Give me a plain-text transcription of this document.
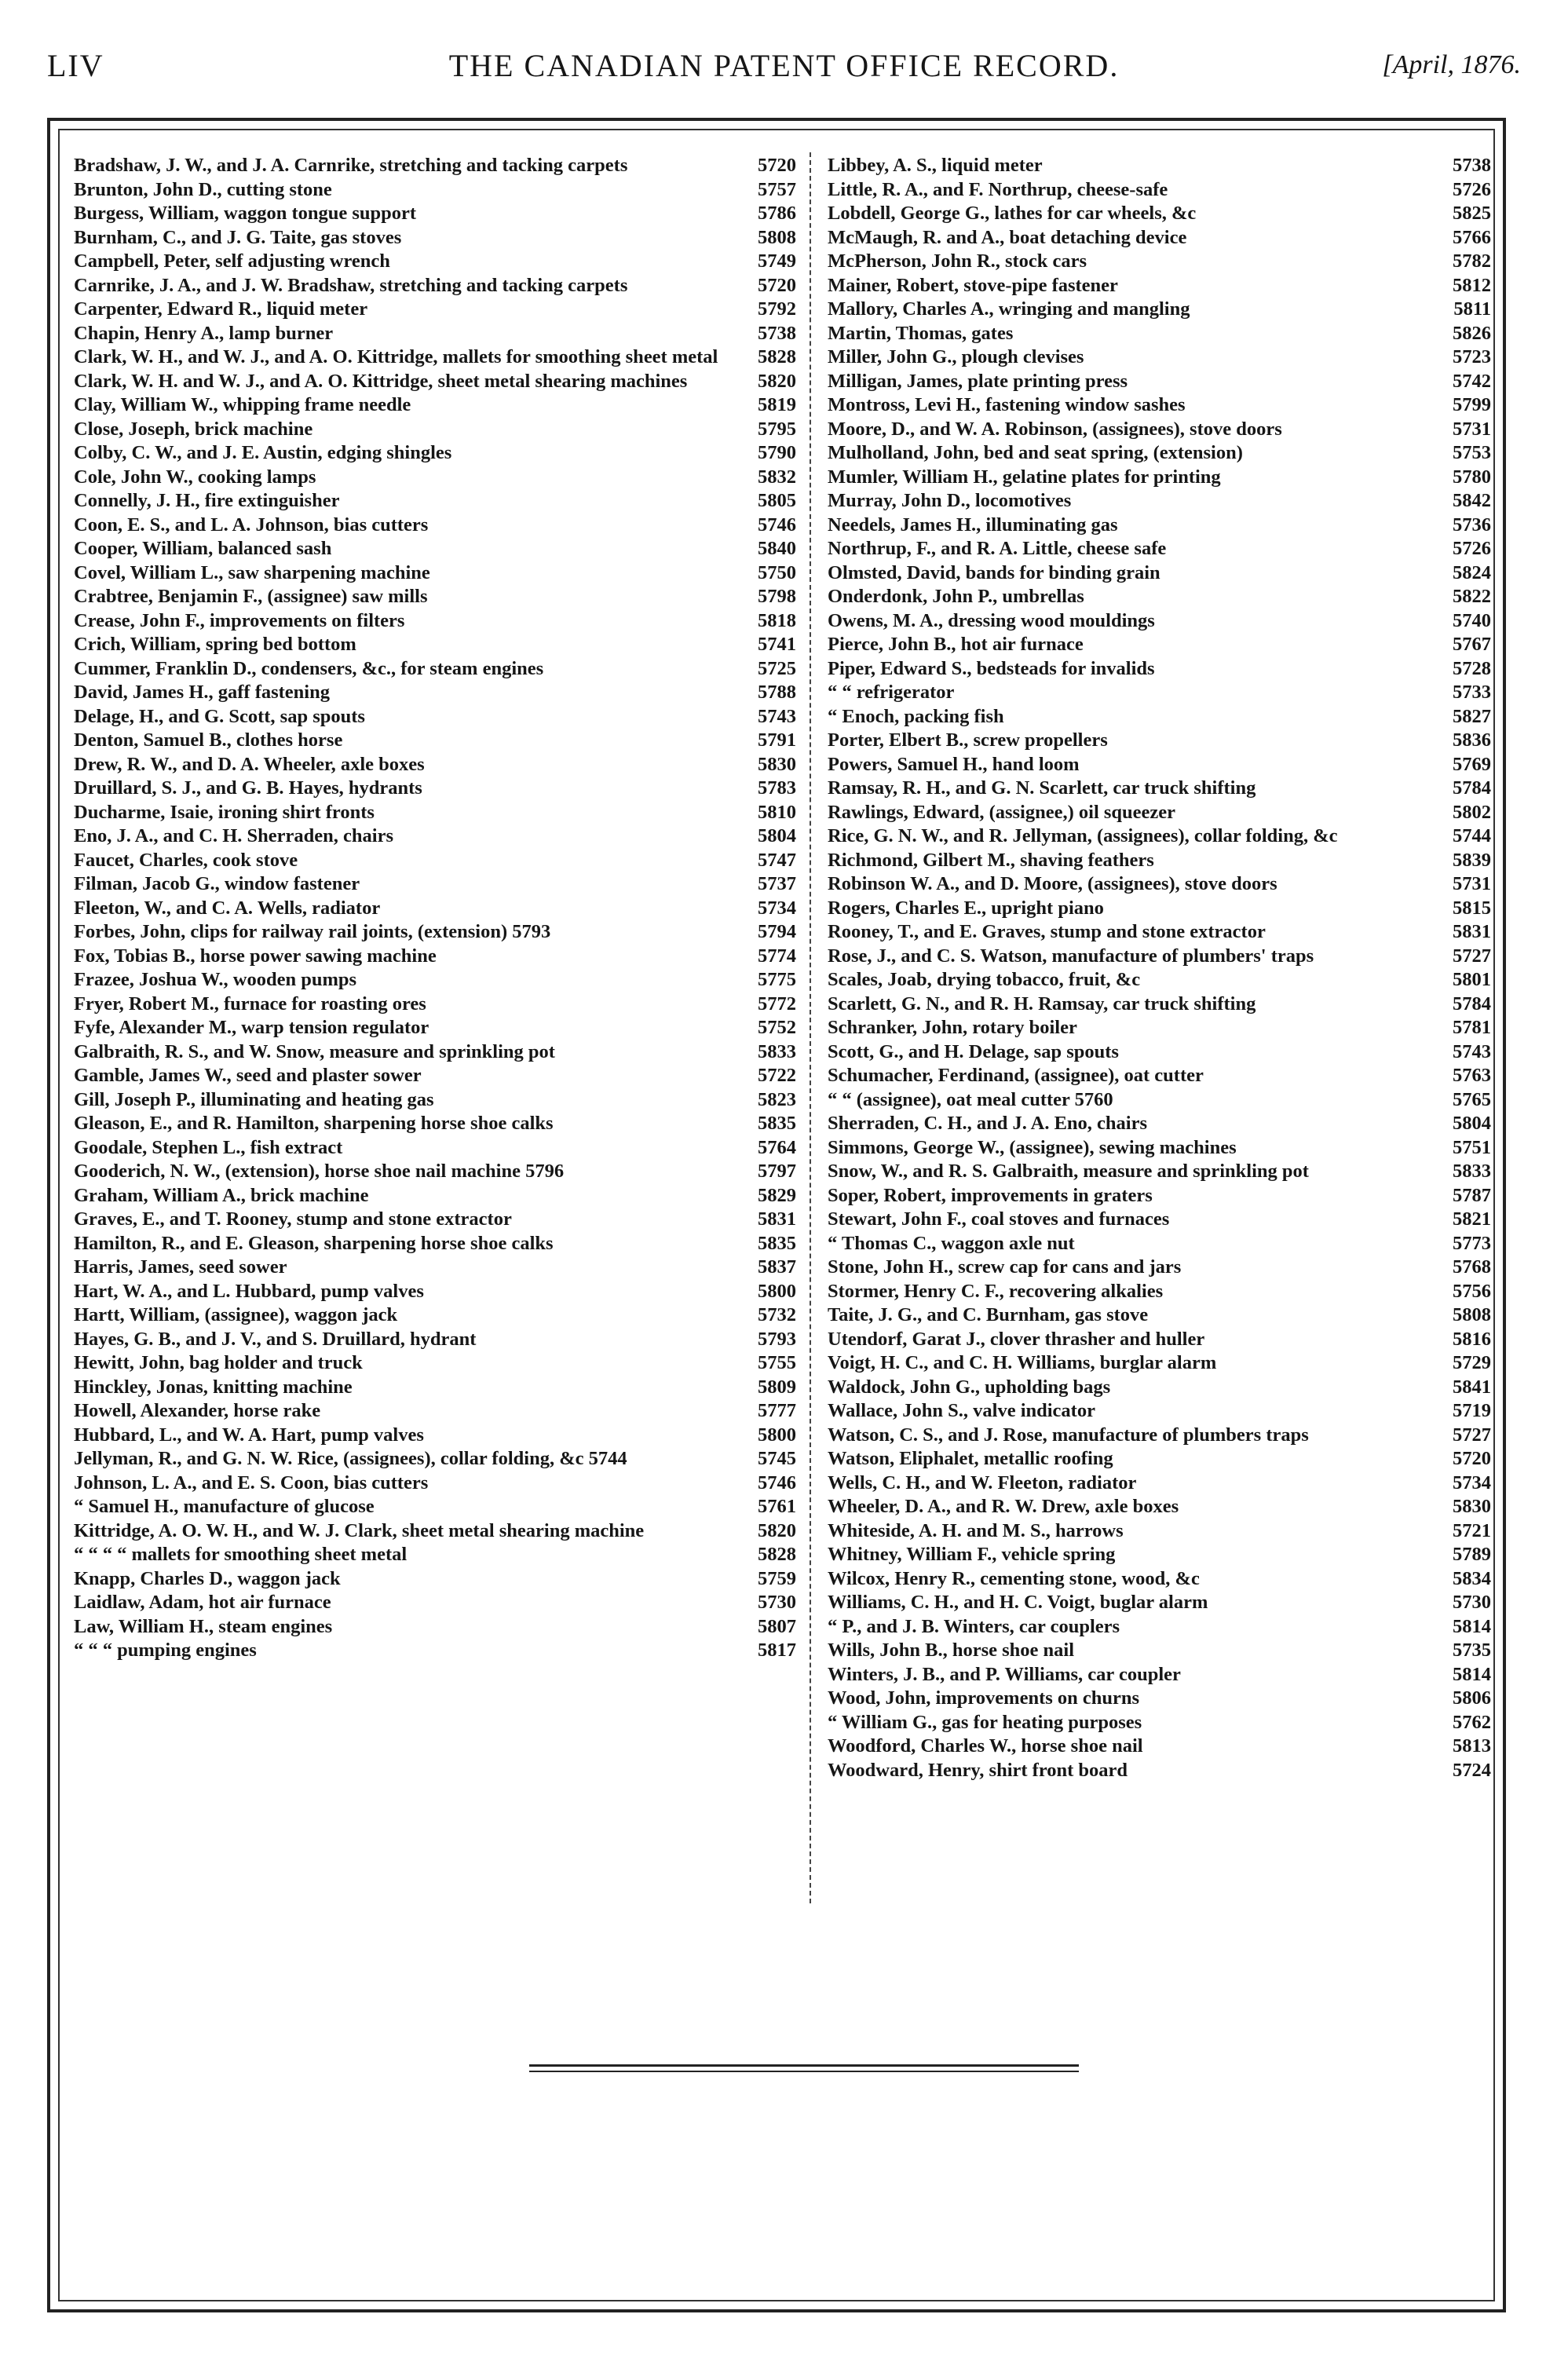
LIV	THE CANADIAN PATENT OFFICE RECORD.	[April, 1876.
Bradshaw, J. W., and J. A. Carnrike, stretching and tacking carpets	5720
Brunton, John D., cutting stone	5757
Burgess, William, waggon tongue support	5786
Burnham, C., and J. G. Taite, gas stoves	5808
Campbell, Peter, self adjusting wrench	5749
Carnrike, J. A., and J. W. Bradshaw, stretching and tacking carpets	5720
Carpenter, Edward R., liquid meter	5792
Chapin, Henry A., lamp burner	5738
Clark, W. H., and W. J., and A. O. Kittridge, mallets for smoothing sheet metal	5828
Clark, W. H. and W. J., and A. O. Kittridge, sheet metal shearing machines	5820
Clay, William W., whipping frame needle	5819
Close, Joseph, brick machine	5795
Colby, C. W., and J. E. Austin, edging shingles	5790
Cole, John W., cooking lamps	5832
Connelly, J. H., fire extinguisher	5805
Coon, E. S., and L. A. Johnson, bias cutters	5746
Cooper, William, balanced sash	5840
Covel, William L., saw sharpening machine	5750
Crabtree, Benjamin F., (assignee) saw mills	5798
Crease, John F., improvements on filters	5818
Crich, William, spring bed bottom	5741
Cummer, Franklin D., condensers, &c., for steam engines	5725
David, James H., gaff fastening	5788
Delage, H., and G. Scott, sap spouts	5743
Denton, Samuel B., clothes horse	5791
Drew, R. W., and D. A. Wheeler, axle boxes	5830
Druillard, S. J., and G. B. Hayes, hydrants	5783
Ducharme, Isaie, ironing shirt fronts	5810
Eno, J. A., and C. H. Sherraden, chairs	5804
Faucet, Charles, cook stove	5747
Filman, Jacob G., window fastener	5737
Fleeton, W., and C. A. Wells, radiator	5734
Forbes, John, clips for railway rail joints, (extension) 5793	5794
Fox, Tobias B., horse power sawing machine	5774
Frazee, Joshua W., wooden pumps	5775
Fryer, Robert M., furnace for roasting ores	5772
Fyfe, Alexander M., warp tension regulator	5752
Galbraith, R. S., and W. Snow, measure and sprinkling pot	5833
Gamble, James W., seed and plaster sower	5722
Gill, Joseph P., illuminating and heating gas	5823
Gleason, E., and R. Hamilton, sharpening horse shoe calks	5835
Goodale, Stephen L., fish extract	5764
Gooderich, N. W., (extension), horse shoe nail machine 5796	5797
Graham, William A., brick machine	5829
Graves, E., and T. Rooney, stump and stone extractor	5831
Hamilton, R., and E. Gleason, sharpening horse shoe calks	5835
Harris, James, seed sower	5837
Hart, W. A., and L. Hubbard, pump valves	5800
Hartt, William, (assignee), waggon jack	5732
Hayes, G. B., and J. V., and S. Druillard, hydrant	5793
Hewitt, John, bag holder and truck	5755
Hinckley, Jonas, knitting machine	5809
Howell, Alexander, horse rake	5777
Hubbard, L., and W. A. Hart, pump valves	5800
Jellyman, R., and G. N. W. Rice, (assignees), collar folding, &c 5744	5745
Johnson, L. A., and E. S. Coon, bias cutters	5746
“ Samuel H., manufacture of glucose	5761
Kittridge, A. O. W. H., and W. J. Clark, sheet metal shearing machine	5820
“ “ “ “ mallets for smoothing sheet metal	5828
Knapp, Charles D., waggon jack	5759
Laidlaw, Adam, hot air furnace	5730
Law, William H., steam engines	5807
“ “ “ pumping engines	5817
Libbey, A. S., liquid meter	5738
Little, R. A., and F. Northrup, cheese-safe	5726
Lobdell, George G., lathes for car wheels, &c	5825
McMaugh, R. and A., boat detaching device	5766
McPherson, John R., stock cars	5782
Mainer, Robert, stove-pipe fastener	5812
Mallory, Charles A., wringing and mangling	5811
Martin, Thomas, gates	5826
Miller, John G., plough clevises	5723
Milligan, James, plate printing press	5742
Montross, Levi H., fastening window sashes	5799
Moore, D., and W. A. Robinson, (assignees), stove doors	5731
Mulholland, John, bed and seat spring, (extension)	5753
Mumler, William H., gelatine plates for printing	5780
Murray, John D., locomotives	5842
Needels, James H., illuminating gas	5736
Northrup, F., and R. A. Little, cheese safe	5726
Olmsted, David, bands for binding grain	5824
Onderdonk, John P., umbrellas	5822
Owens, M. A., dressing wood mouldings	5740
Pierce, John B., hot air furnace	5767
Piper, Edward S., bedsteads for invalids	5728
“ “ refrigerator	5733
“ Enoch, packing fish	5827
Porter, Elbert B., screw propellers	5836
Powers, Samuel H., hand loom	5769
Ramsay, R. H., and G. N. Scarlett, car truck shifting	5784
Rawlings, Edward, (assignee,) oil squeezer	5802
Rice, G. N. W., and R. Jellyman, (assignees), collar folding, &c	5744
Richmond, Gilbert M., shaving feathers	5839
Robinson W. A., and D. Moore, (assignees), stove doors	5731
Rogers, Charles E., upright piano	5815
Rooney, T., and E. Graves, stump and stone extractor	5831
Rose, J., and C. S. Watson, manufacture of plumbers' traps	5727
Scales, Joab, drying tobacco, fruit, &c	5801
Scarlett, G. N., and R. H. Ramsay, car truck shifting	5784
Schranker, John, rotary boiler	5781
Scott, G., and H. Delage, sap spouts	5743
Schumacher, Ferdinand, (assignee), oat cutter	5763
“ “ (assignee), oat meal cutter 5760	5765
Sherraden, C. H., and J. A. Eno, chairs	5804
Simmons, George W., (assignee), sewing machines	5751
Snow, W., and R. S. Galbraith, measure and sprinkling pot	5833
Soper, Robert, improvements in graters	5787
Stewart, John F., coal stoves and furnaces	5821
“ Thomas C., waggon axle nut	5773
Stone, John H., screw cap for cans and jars	5768
Stormer, Henry C. F., recovering alkalies	5756
Taite, J. G., and C. Burnham, gas stove	5808
Utendorf, Garat J., clover thrasher and huller	5816
Voigt, H. C., and C. H. Williams, burglar alarm	5729
Waldock, John G., upholding bags	5841
Wallace, John S., valve indicator	5719
Watson, C. S., and J. Rose, manufacture of plumbers traps	5727
Watson, Eliphalet, metallic roofing	5720
Wells, C. H., and W. Fleeton, radiator	5734
Wheeler, D. A., and R. W. Drew, axle boxes	5830
Whiteside, A. H. and M. S., harrows	5721
Whitney, William F., vehicle spring	5789
Wilcox, Henry R., cementing stone, wood, &c	5834
Williams, C. H., and H. C. Voigt, buglar alarm	5730
“ P., and J. B. Winters, car couplers	5814
Wills, John B., horse shoe nail	5735
Winters, J. B., and P. Williams, car coupler	5814
Wood, John, improvements on churns	5806
“ William G., gas for heating purposes	5762
Woodford, Charles W., horse shoe nail	5813
Woodward, Henry, shirt front board	5724
